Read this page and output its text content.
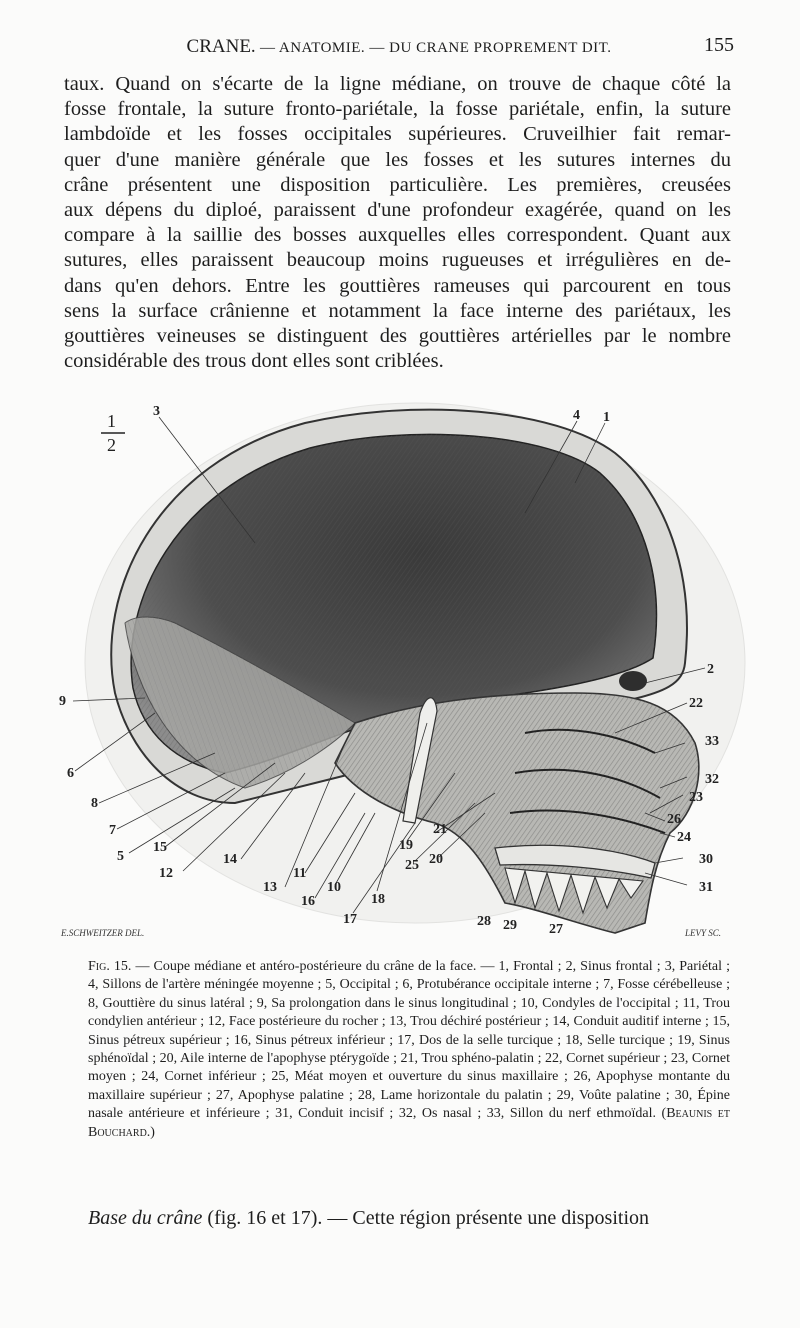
CRANE. — ANATOMIE. — DU CRANE PROPREMENT DIT.	155
taux. Quand on s'écarte de la ligne médiane, on trouve de chaque côté la
fosse frontale, la suture fronto-pariétale, la fosse pariétale, enfin, la suture
lambdoïde et les fosses occipitales supérieures. Cruveilhier fait remar-
quer d'une manière générale que les fosses et les sutures internes du
crâne présentent une disposition particulière. Les premières, creusées
aux dépens du diploé, paraissent d'une profondeur exagérée, quand on les
compare à la saillie des bosses auxquelles elles correspondent. Quant aux
sutures, elles paraissent beaucoup moins rugueuses et irrégulières en de-
dans qu'en dehors. Entre les gouttières rameuses qui parcourent en tous
sens la surface crânienne et notamment la face interne des pariétaux, les
gouttières veineuses se distinguent des gouttières artérielles par le nombre
considérable des trous dont elles sont criblées.
1
2
3	4 1
2
22
33
32
23
26
24
30
31
9
6
8
7
5
15
12
14
13
11
16
10
17
18
19
25 20
21
28 29 27
E.SCHWEITZER DEL.	LEVY SC.
Fig. 15. — Coupe médiane et antéro-postérieure du crâne de la face. — 1, Frontal ; 2, Sinus frontal ; 3, Pariétal ; 4, Sillons de l'artère méningée moyenne ; 5, Occipital ; 6, Protubérance occipitale interne ; 7, Fosse cérébelleuse ; 8, Gouttière du sinus latéral ; 9, Sa prolongation dans le sinus longitudinal ; 10, Condyles de l'occipital ; 11, Trou condylien antérieur ; 12, Face postérieure du rocher ; 13, Trou déchiré postérieur ; 14, Conduit auditif interne ; 15, Sinus pétreux supérieur ; 16, Sinus pétreux inférieur ; 17, Dos de la selle turcique ; 18, Selle turcique ; 19, Sinus sphénoïdal ; 20, Aile interne de l'apophyse ptérygoïde ; 21, Trou sphéno-palatin ; 22, Cornet supérieur ; 23, Cornet moyen ; 24, Cornet inférieur ; 25, Méat moyen et ouverture du sinus maxillaire ; 26, Apophyse montante du maxillaire supérieur ; 27, Apophyse palatine ; 28, Lame horizontale du palatin ; 29, Voûte palatine ; 30, Épine nasale antérieure et inférieure ; 31, Conduit incisif ; 32, Os nasal ; 33, Sillon du nerf ethmoïdal. (Beaunis et Bouchard.)
Base du crâne (fig. 16 et 17). — Cette région présente une disposition
